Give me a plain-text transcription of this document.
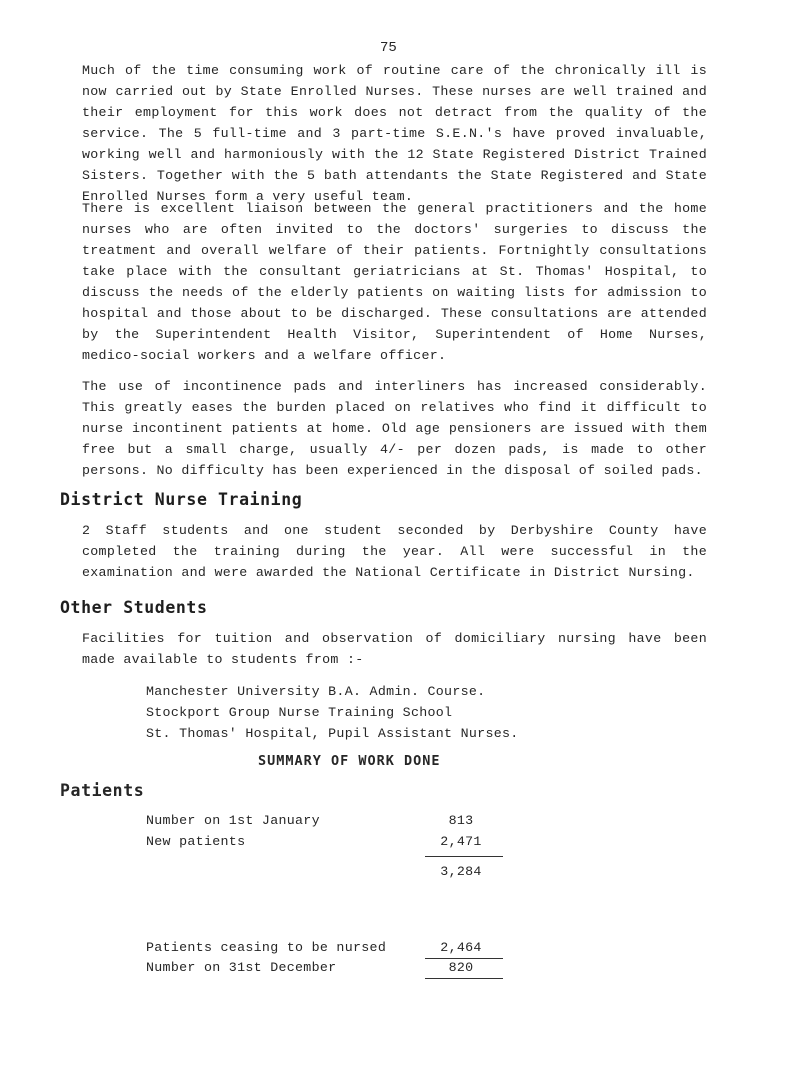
75

Much of the time consuming work of routine care of the chronically ill is now carried out by State Enrolled Nurses. These nurses are well trained and their employment for this work does not detract from the quality of the service. The 5 full-time and 3 part-time S.E.N.'s have proved invaluable, working well and harmoniously with the 12 State Registered District Trained Sisters. Together with the 5 bath attendants the State Registered and State Enrolled Nurses form a very useful team.

There is excellent liaison between the general practitioners and the home nurses who are often invited to the doctors' surgeries to discuss the treatment and overall welfare of their patients. Fortnightly consultations take place with the consultant geriatricians at St. Thomas' Hospital, to discuss the needs of the elderly patients on waiting lists for admission to hospital and those about to be discharged. These consultations are attended by the Superintendent Health Visitor, Superintendent of Home Nurses, medico-social workers and a welfare officer.

The use of incontinence pads and interliners has increased considerably. This greatly eases the burden placed on relatives who find it difficult to nurse incontinent patients at home. Old age pensioners are issued with them free but a small charge, usually 4/- per dozen pads, is made to other persons. No difficulty has been experienced in the disposal of soiled pads.

District Nurse Training

2 Staff students and one student seconded by Derbyshire County have completed the training during the year. All were successful in the examination and were awarded the National Certificate in District Nursing.

Other Students

Facilities for tuition and observation of domiciliary nursing have been made available to students from :-

Manchester University B.A. Admin. Course.
Stockport Group Nurse Training School
St. Thomas' Hospital, Pupil Assistant Nurses.
SUMMARY OF WORK DONE
Patients
Number on 1st January	813
New patients	2,471
3,284
Patients ceasing to be nursed	2,464
Number on 31st December	820
